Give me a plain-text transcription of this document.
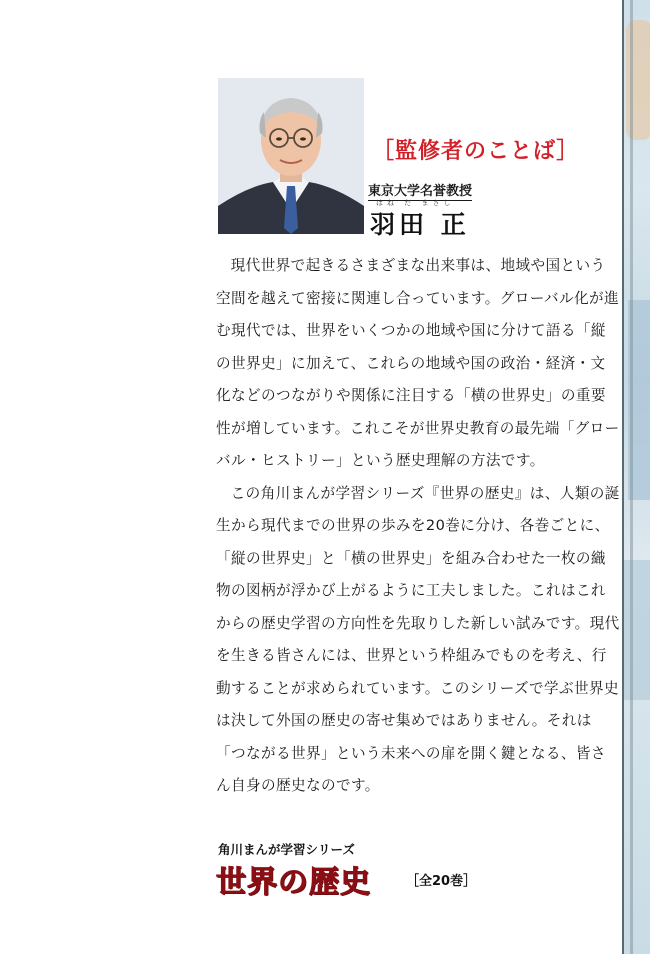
［監修者のことば］
東京大学名誉教授
はね だ まさし
羽田 正

現代世界で起きるさまざまな出来事は、地域や国という空間を越えて密接に関連し合っています。グローバル化が進む現代では、世界をいくつかの地域や国に分けて語る「縦の世界史」に加えて、これらの地域や国の政治・経済・文化などのつながりや関係に注目する「横の世界史」の重要性が増しています。これこそが世界史教育の最先端「グローバル・ヒストリー」という歴史理解の方法です。

この角川まんが学習シリーズ『世界の歴史』は、人類の誕生から現代までの世界の歩みを20巻に分け、各巻ごとに、「縦の世界史」と「横の世界史」を組み合わせた一枚の織物の図柄が浮かび上がるように工夫しました。これはこれからの歴史学習の方向性を先取りした新しい試みです。現代を生きる皆さんには、世界という枠組みでものを考え、行動することが求められています。このシリーズで学ぶ世界史は決して外国の歴史の寄せ集めではありません。それは「つながる世界」という未来への扉を開く鍵となる、皆さん自身の歴史なのです。

角川まんが学習シリーズ
世界の歴史	［全20巻］
